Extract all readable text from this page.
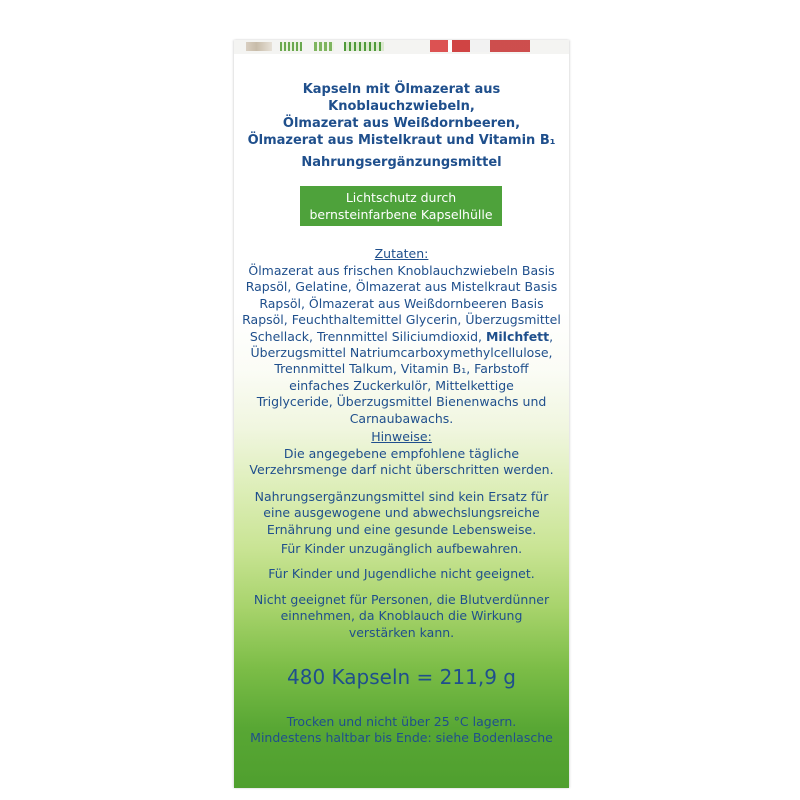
Kapseln mit Ölmazerat aus
Knoblauchzwiebeln,
Ölmazerat aus Weißdornbeeren,
Ölmazerat aus Mistelkraut und Vitamin B₁
Nahrungsergänzungsmittel
Lichtschutz durch
bernsteinfarbene Kapselhülle
Zutaten:
Ölmazerat aus frischen Knoblauchzwiebeln Basis
Rapsöl, Gelatine, Ölmazerat aus Mistelkraut Basis
Rapsöl, Ölmazerat aus Weißdornbeeren Basis
Rapsöl, Feuchthaltemittel Glycerin, Überzugsmittel
Schellack, Trennmittel Siliciumdioxid, Milchfett,
Überzugsmittel Natriumcarboxymethylcellulose,
Trennmittel Talkum, Vitamin B₁, Farbstoff
einfaches Zuckerkulör, Mittelkettige
Triglyceride, Überzugsmittel Bienenwachs und
Carnaubawachs.
Hinweise:
Die angegebene empfohlene tägliche
Verzehrsmenge darf nicht überschritten werden.
Nahrungsergänzungsmittel sind kein Ersatz für
eine ausgewogene und abwechslungsreiche
Ernährung und eine gesunde Lebensweise.
Für Kinder unzugänglich aufbewahren.
Für Kinder und Jugendliche nicht geeignet.
Nicht geeignet für Personen, die Blutverdünner
einnehmen, da Knoblauch die Wirkung
verstärken kann.
480 Kapseln = 211,9 g
Trocken und nicht über 25 °C lagern.
Mindestens haltbar bis Ende: siehe Bodenlasche
